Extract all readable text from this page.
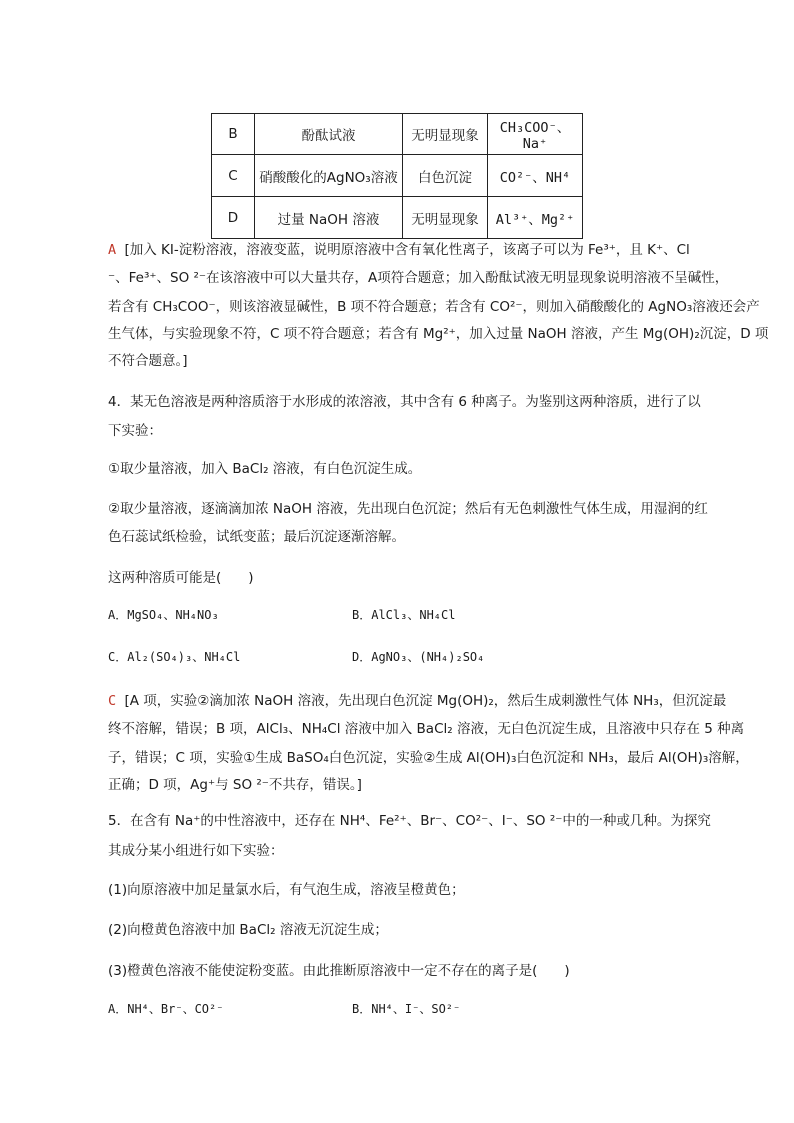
B	酚酞试液	无明显现象	CH₃COO⁻、Na⁺
C	硝酸酸化的AgNO₃溶液	白色沉淀	CO²⁻、NH⁴
D	过量 NaOH 溶液	无明显现象	Al³⁺、Mg²⁺
A [加入 KI-淀粉溶液，溶液变蓝，说明原溶液中含有氧化性离子，该离子可以为 Fe³⁺，且 K⁺、Cl
⁻、Fe³⁺、SO ²⁻在该溶液中可以大量共存，A项符合题意；加入酚酞试液无明显现象说明溶液不呈碱性，
若含有 CH₃COO⁻，则该溶液显碱性，B 项不符合题意；若含有 CO²⁻，则加入硝酸酸化的 AgNO₃溶液还会产
生气体，与实验现象不符，C 项不符合题意；若含有 Mg²⁺，加入过量 NaOH 溶液，产生 Mg(OH)₂沉淀，D 项
不符合题意。]
4．某无色溶液是两种溶质溶于水形成的浓溶液，其中含有 6 种离子。为鉴别这两种溶质，进行了以
下实验：
①取少量溶液，加入 BaCl₂ 溶液，有白色沉淀生成。
②取少量溶液，逐滴滴加浓 NaOH 溶液，先出现白色沉淀；然后有无色刺激性气体生成，用湿润的红
色石蕊试纸检验，试纸变蓝；最后沉淀逐渐溶解。
这两种溶质可能是(　　)
A．MgSO₄、NH₄NO₃	B．AlCl₃、NH₄Cl
C．Al₂(SO₄)₃、NH₄Cl	D．AgNO₃、(NH₄)₂SO₄
C [A 项，实验②滴加浓 NaOH 溶液，先出现白色沉淀 Mg(OH)₂，然后生成刺激性气体 NH₃，但沉淀最
终不溶解，错误；B 项，AlCl₃、NH₄Cl 溶液中加入 BaCl₂ 溶液，无白色沉淀生成，且溶液中只存在 5 种离
子，错误；C 项，实验①生成 BaSO₄白色沉淀，实验②生成 Al(OH)₃白色沉淀和 NH₃，最后 Al(OH)₃溶解，
正确；D 项，Ag⁺与 SO ²⁻不共存，错误。]
5．在含有 Na⁺的中性溶液中，还存在 NH⁴、Fe²⁺、Br⁻、CO²⁻、I⁻、SO ²⁻中的一种或几种。为探究
其成分某小组进行如下实验：
(1)向原溶液中加足量氯水后，有气泡生成，溶液呈橙黄色；
(2)向橙黄色溶液中加 BaCl₂ 溶液无沉淀生成；
(3)橙黄色溶液不能使淀粉变蓝。由此推断原溶液中一定不存在的离子是(　　)
A．NH⁴、Br⁻、CO²⁻	B．NH⁴、I⁻、SO²⁻
